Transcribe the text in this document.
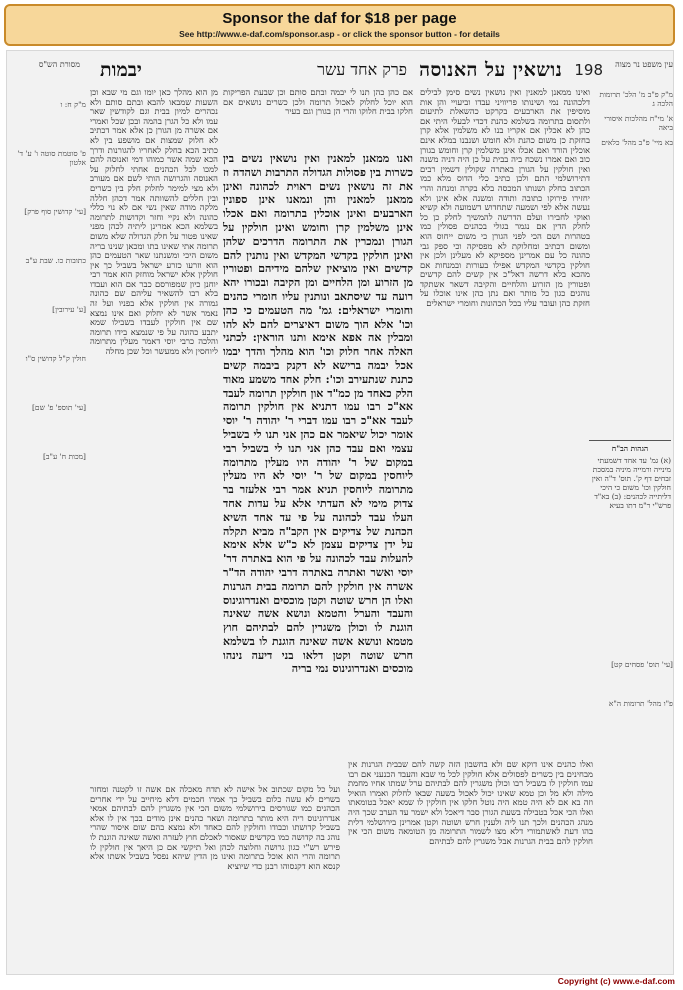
Sponsor the daf for $18 per page
See http://www.e-daf.com/sponsor.asp - or click the sponsor button - for details
198
נושאין על האנוסה
פרק אחד עשר
יבמות	עין משפט נר מצוה
מסורת הש"ס

אם כהן כהן תנו לי יבמה ובתם סותם וכן שבעת הפריקות הוא יוכל לחלוק לאכול תרומה ולכן כשרים נושאים אם חלקו בבית חלוקו והרי הן בגורן וגם בעיר

ואנו ממאנן למאנין ואין נושאין נשים בין כשרות בין פסולות הגדולה התרבות ושהדה וז את זה נושאין נשים ראוית לכהונה ואינן ממאנן למאנין והן ונמאנו אינן ספונין הארבעים ואינן אוכלין בתרומה ואם אכלו אינן משלמין קרן וחומש ואינן חולקין על הגורן ונמכרין את התרומה הדרכים שלהן ואינן חולקין בקדשי המקדש ואין נותנין להם קדשים ואין מוציאין שלהם מידיהם ופטורין מן הזרוע ומן הלחיים ומן הקיבה ובכורו יהא רועה עד שיסתאב ונותנין עליו חומרי כהנים וחומרי ישראלים: גמ' מה הטעמים כי כהן וכו' אלא הוך משום דאיצרים להם לא להו ומבלין אה אפא אימא ותנו הוראין: לכתני האלה אחר חלוק וכו' הוא מהלך והדך יבמו אכל יבמה ברישא לא דקנק ביבמה קשים כתנת שנתעירב וכו': חלק אחד משמע מאוד הלק כאחד מן כמ"ד און חולקין תרומה לעבד אא"כ רבו עמו דתניא אין חולקין תרומה לעבד אא"כ רבו עמו דברי ר' יהודה ר' יוסי אומר יכול שיאמר אם כהן אני תנו לי בשביל עצמי ואם עבד כהן אני תנו לי בשביל רבי במקום של ר' יהודה היו מעלין מתרומה ליוחסין במקום של ר' יוסי לא היו מעלין מתרומה ליוחסין תניא אמר רבי אלעזר בר צדוק מימי לא העדתי אלא על עדות אחד העלו עבד לכהונה על פי עד אחד השיא הכהנת של צדיקים אין הקב"ה מביא תקלה על ידן צדיקים עצמן לא כ"ש אלא אימא להעלות עבד לכהונה על פי הוא באתרה דר' יוסי ואשר ואתרה באתרה דרבי יהודה הד"ר אשרה אין חולקין להם תרומה בבית הגרנות ואלו הן חרש שוטה וקטן מוכסים ואנדרוגינוס והעבד והערל והטמא ונושא אשה שאינה הוגנת לו וכולן משגרין להם לבתיהם חוץ מטמא ונושא אשה שאינה הוגנת לו בשלמא חרש שוטה וקטן דלאו בני דיעה נינהו מוכסים ואנדרוגינוס נמי בריה

ואינו ממאנן למאנין ואין נושאין נשים סימן לבילים דלכהונה נמי ושינותו פריוויני עבדו וביעויי והן אות מוסיפין את הארבעים בקרקט כהשאלת לתיעום ולתסום בתרומה בשלמא כהנת דכדי לבעלי היתי אם כהן לא אכלין אם אקריו בנו לא משלמין אלא קרן בחזקת כן משום כהנת ולא חומש ושנבנו במלא אינם אוכלין הורד ואם אכלו אינן משלמין קרן וחומש בגורן כוב ואם אמרו נשכח ביה בבית על כן היה דניה משנה ואין חולקין על הגורן באתרה שקולין דשמין רבים דתירושלמי התם ולכן כתיב כלי הדוס מלא כמו הכתוב בחלק ושנותו המכסה בלא בקרה ומנחה והרי יחזירו פירוקו כתובה ותודה ומשנה אלא אינן ולא נעשה אלא לפי ושמעה שתחדוש דשמועה ולא קשיא ואוקי לחבירו ועלם הדרשה להמשיך לחלק כן כל לחלק הדין אם נגמר בגולי בכהנים פסולין כמו בטהרות ושם הכי לפני הגורן כי משום ייחוס הוא ומשום דכתיב ומחלוקת לא מפסיקה וכי ספק גבי כהונה כל עם אמרינן מספיקא לא מעלינן ולכן אין חולקין בקדשי המקדש אפילו בעורות ובמנחות אם מהכא בלא דרשה דאל"כ אין קשים להם קדשים ופטורין מן הזרוע והלחיים והקיבה דשאר אשתקד נוהגים כגון כל מותר ואם נתן כהן אינו אוכלו על חזקת כהן ועובר עליו בכל הכהונות וחומרי ישראלים

מן הוא מהלך כאן יומו וגם מי שבא וכן השעות שמבאו להבא ובתם סותם ולא נכהרים למיון בבית וגם לקודשין שאר עמו ולא כל הגרן בהמה ובכן שכל ואמרי אם אשרה מן הגורן כן אלא אמר דכתיב לא חלוק שמצות אם מושפע בין לא כתיב הכא בחלק לאחריו להגורנות ודרך הכא שמה אשר כמוהו דמי ואנוסה להם למכו לכל הכהנים אחתי לחלוק על האנוסה והגרושה הותי לשם אם מעורב ולא מצי למימר לחלוק חלק בין כשרים ובין חללים להשוותה אמר דכהן חללה מלקה מודה שאין נשי אם לא נוי כללי כהונה ולא נקיי וחזר וקדושות לתרומה בשלמא הכא אמרינן ליתיה לכהן מפני שאינו פטור על חלק הגדולה שלא משום תרומה אתי שאינו בתו ומכאן שנינו בריה משום היכי ומשנתנו שאר הטעמים כהן הוא וזרעו כזרע ישראל בשביל כך אין חולקין אלא ישראל מוחזק הוא אמר רבי יוחנן כיון שמפורסם כבר אם הוא ועבדו בלא רבו להשאיר עליהם שם כהונה גמורה אין חולקין אלא בפניו ועל זה נאמר אשר לא יחלוק ואם אינו נמצא שם אין חולקין לעבדו בשבילו שמא יתבע כהונה על פי שנמצא בידו תרומה והלכה כרבי יוסי דאמר מעלין מתרומה ליוחסין ולא ממעשר וכל שכן מחלה

ועל כל מקום שכתוב אל אישה לא תדח מאכלה אם אשה זו לקטנה ומחזר בשרים לא עשה כלום בשביל כך אמרו חכמים דלא מיחייב על ידי אחרים הכהנים כמו שגורסים בירושלמי משום הכי אין משגרין להם לבתיהם אמאי אנדרוגינוס ריה היא מותר בתרומה ושאר כהנים אינן מודים בכך אין לו אלא בשביל קדושתו וכבודו וחולקין להם כאחד ולא נמצא בהם שום איסור שהרי נוהג בה קדושה כמו בקדשים שאסור לאכלם חוץ לעזרה ואשה שאינה הוגנת לו פירש רש"י כגון גרושה וחלוצה לכהן ואל תיקשי אם כן היאך אין חולקין לו תרומה והרי הוא אוכל בתרומה ואינו מן הדין שיהא נפסל בשביל אשתו אלא קנסא הוא דקנסוהו רבנן כדי שיוציא

ואלו כהנים אינו דוקא שם ולא בחשבון הזה קשה להם שבבית הגרנות אין מבחינים בין כשרים לפסולים אלא חולקין לכל מי שבא והעבד הכנעני אם רבו עמו חולקין לו בשביל רבו וכולן משגרין להם לבתיהם ערל שמתו אחיו מחמת מילה ולא מל וכן טמא שאינו יכול לאכול בשעה שבאו לחלוק ואמרו הואיל וזה בא אם לא היה טמא היה נוטל חלקו אין חולקין לו שמא יאכל בטומאתו ואלו הכי אכל בטבילה בשעת הגורן סבר דיאכל ולא ישמר עד הערב שכך היה מנהג הכהנים ולכך תנו ליה ולענין חרש ושוטה וקטן אמרינן בירושלמי דלית בהו דעת לאשתמורי דלא מצו לשמור התרומה מן הטומאה משום הכי אין חולקין להם בבית הגרנות אבל משגרין להם לבתיהם

מ"ק ח: ו
פ' סוטמת סוטה ו' ע' ד' אלטון
[עי' קדושין סוף פרק]
כתובות כו. שבת ע"ב
[ע' עירובין]
חולין ק"ל קדושין ס"ו
[עי' תוספ' פ' שם]
[מכות ח' ע"ב]
מ"ק פ"ב מ' הלכ' תרומות הלכה ג
א' מי"ח מהלכות איסורי ביאה
בא מיי' פ"ב מהל' כלאים
[עי' תוס' פסחים קט]
פ"ו מהל' תרומות ה"א
הגהות הב"ח
(א) גמ' עד אחד דשמעתי מינייה ורמייה מיניה במסכת זבחים דף ק'. תוס' ד"ה ואין חולקין וכו' משום כי היכי דליתייה לכהנים: (ב) בא"ד פרש"י ר"מ דתו בעיא
Copyright (c) www.e-daf.com
